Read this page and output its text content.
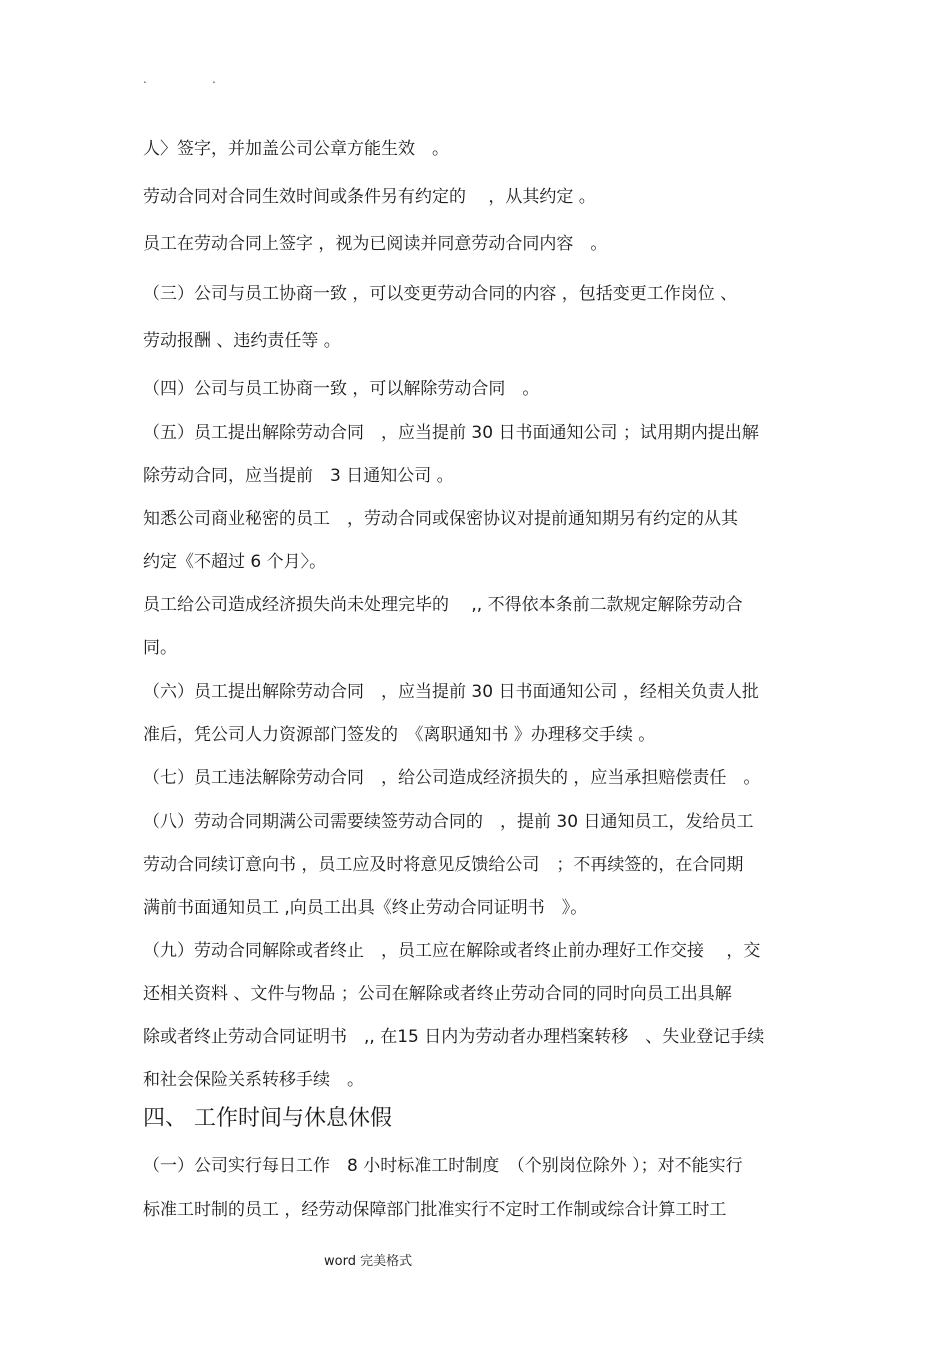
.	.
人〉签字，并加盖公司公章方能生效　。
劳动合同对合同生效时间或条件另有约定的　 ，从其约定 。
员工在劳动合同上签字 ，视为已阅读并同意劳动合同内容　。
（三）公司与员工协商一致 ，可以变更劳动合同的内容 ，包括变更工作岗位 、
劳动报酬 、违约责任等 。
（四）公司与员工协商一致 ，可以解除劳动合同　。
（五）员工提出解除劳动合同　，应当提前 30 日书面通知公司 ；试用期内提出解
除劳动合同，应当提前　3 日通知公司 。
知悉公司商业秘密的员工　，劳动合同或保密协议对提前通知期另有约定的从其
约定《不超过 6 个月〉。
员工给公司造成经济损失尚未处理完毕的　 ,, 不得依本条前二款规定解除劳动合
同。
（六）员工提出解除劳动合同　，应当提前 30 日书面通知公司 ，经相关负责人批
准后，凭公司人力资源部门签发的　《离职通知书 》办理移交手续 。
（七）员工违法解除劳动合同　，给公司造成经济损失的 ，应当承担赔偿责任　。
（八）劳动合同期满公司需要续签劳动合同的　，提前 30 日通知员工，发给员工
劳动合同续订意向书 ，员工应及时将意见反馈给公司　；不再续签的，在合同期
满前书面通知员工 ,向员工出具《终止劳动合同证明书　》。
（九）劳动合同解除或者终止　，员工应在解除或者终止前办理好工作交接　 ，交
还相关资料 、文件与物品 ；公司在解除或者终止劳动合同的同时向员工出具解
除或者终止劳动合同证明书　,, 在15 日内为劳动者办理档案转移　、失业登记手续
和社会保险关系转移手续　。
四、 工作时间与休息休假
（一）公司实行每日工作　8 小时标准工时制度　（个别岗位除外 ）；对不能实行
标准工时制的员工 ，经劳动保障部门批准实行不定时工作制或综合计算工时工
word 完美格式
